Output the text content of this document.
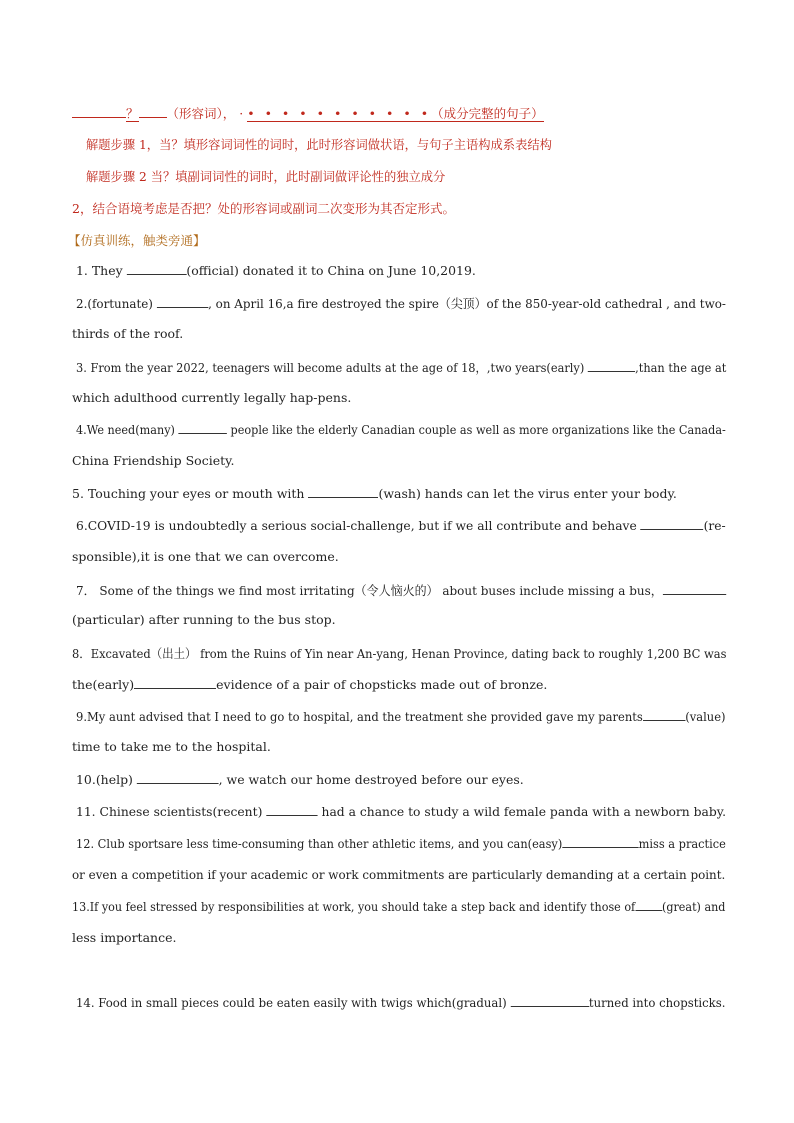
？ （形容词）， · • • • • • • • • • • •（成分完整的句子）
解题步骤 1，当？填形容词词性的词时，此时形容词做状语，与句子主语构成系表结构
解题步骤 2 当？填副词词性的词时，此时副词做评论性的独立成分
2，结合语境考虑是否把？处的形容词或副词二次变形为其否定形式。
【仿真训练，触类旁通】
1. They	(official) donated it to China on June 10,2019.
2.(fortunate)	, on April 16,a fire destroyed the spire（尖顶）of the 850-year-old cathedral , and two-
thirds of the roof.
3. From the year 2022, teenagers will become adults at the age of 18，,two years(early)	,than the age at
which adulthood currently legally hap-pens.
4.We need(many)	people like the elderly Canadian couple as well as more organizations like the Canada-
China Friendship Society.
5. Touching your eyes or mouth with	(wash) hands can let the virus enter your body.
6.COVID-19 is undoubtedly a serious social-challenge, but if we all contribute and behave	(re-
sponsible),it is one that we can overcome.
7． Some of the things we find most irritating（令人恼火的） about buses include missing a bus，
(particular) after running to the bus stop.
8．Excavated（出土） from the Ruins of Yin near An-yang, Henan Province, dating back to roughly 1,200 BC was
the(early)	evidence of a pair of chopsticks made out of bronze.
9.My aunt advised that I need to go to hospital, and the treatment she provided gave my parents	(value)
time to take me to the hospital.
10.(help)	, we watch our home destroyed before our eyes.
11. Chinese scientists(recent)	had a chance to study a wild female panda with a newborn baby.
12. Club sportsare less time-consuming than other athletic items, and you can(easy)	miss a practice
or even a competition if your academic or work commitments are particularly demanding at a certain point.
13.If you feel stressed by responsibilities at work, you should take a step back and identify those of (great) and
less importance.
14. Food in small pieces could be eaten easily with twigs which(gradual)	turned into chopsticks.
